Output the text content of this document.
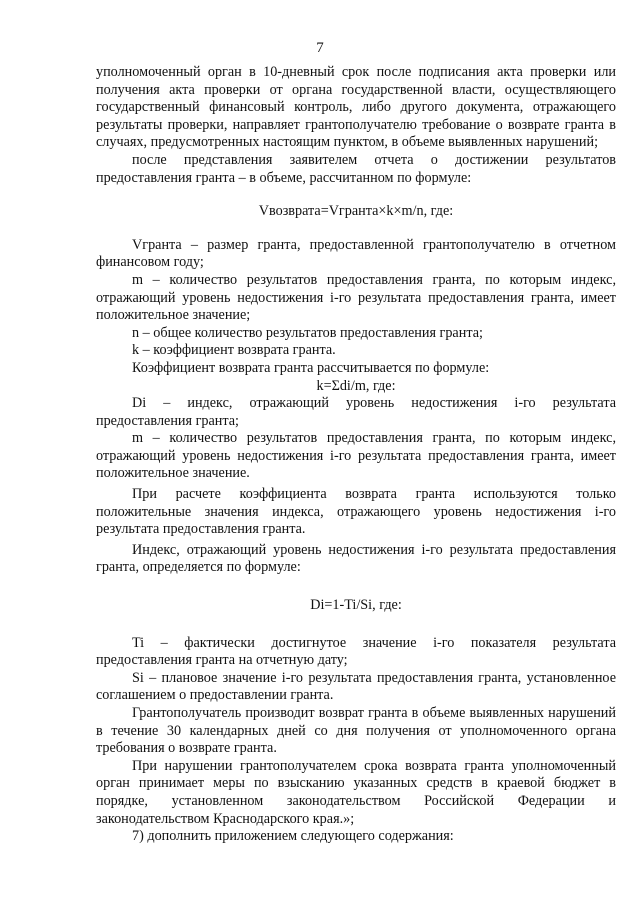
7

уполномоченный орган в 10-дневный срок после подписания акта проверки или получения акта проверки от органа государственной власти, осуществляющего государственный финансовый контроль, либо другого документа, отражающего результаты проверки, направляет грантополучателю требование о возврате гранта в случаях, предусмотренных настоящим пунктом, в объеме выявленных нарушений;

после представления заявителем отчета о достижении результатов предоставления гранта – в объеме, рассчитанном по формуле:

Vвозврата=Vгранта×k×m/n, где:

Vгранта – размер гранта, предоставленной грантополучателю в отчетном финансовом году;

m – количество результатов предоставления гранта, по которым индекс, отражающий уровень недостижения i-го результата предоставления гранта, имеет положительное значение;

n – общее количество результатов предоставления гранта;

k – коэффициент возврата гранта.

Коэффициент возврата гранта рассчитывается по формуле:

k=Σdi/m, где:

Di – индекс, отражающий уровень недостижения i-го результата предоставления гранта;

m – количество результатов предоставления гранта, по которым индекс, отражающий уровень недостижения i-го результата предоставления гранта, имеет положительное значение.

При расчете коэффициента возврата гранта используются только положительные значения индекса, отражающего уровень недостижения i-го результата предоставления гранта.

Индекс, отражающий уровень недостижения i-го результата предоставления гранта, определяется по формуле:

Di=1-Ti/Si, где:

Ti – фактически достигнутое значение i-го показателя результата предоставления гранта на отчетную дату;

Si – плановое значение i-го результата предоставления гранта, установленное соглашением о предоставлении гранта.

Грантополучатель производит возврат гранта в объеме выявленных нарушений в течение 30 календарных дней со дня получения от уполномоченного органа требования о возврате гранта.

При нарушении грантополучателем срока возврата гранта уполномоченный орган принимает меры по взысканию указанных средств в краевой бюджет в порядке, установленном законодательством Российской Федерации и законодательством Краснодарского края.»;

7) дополнить приложением следующего содержания:
